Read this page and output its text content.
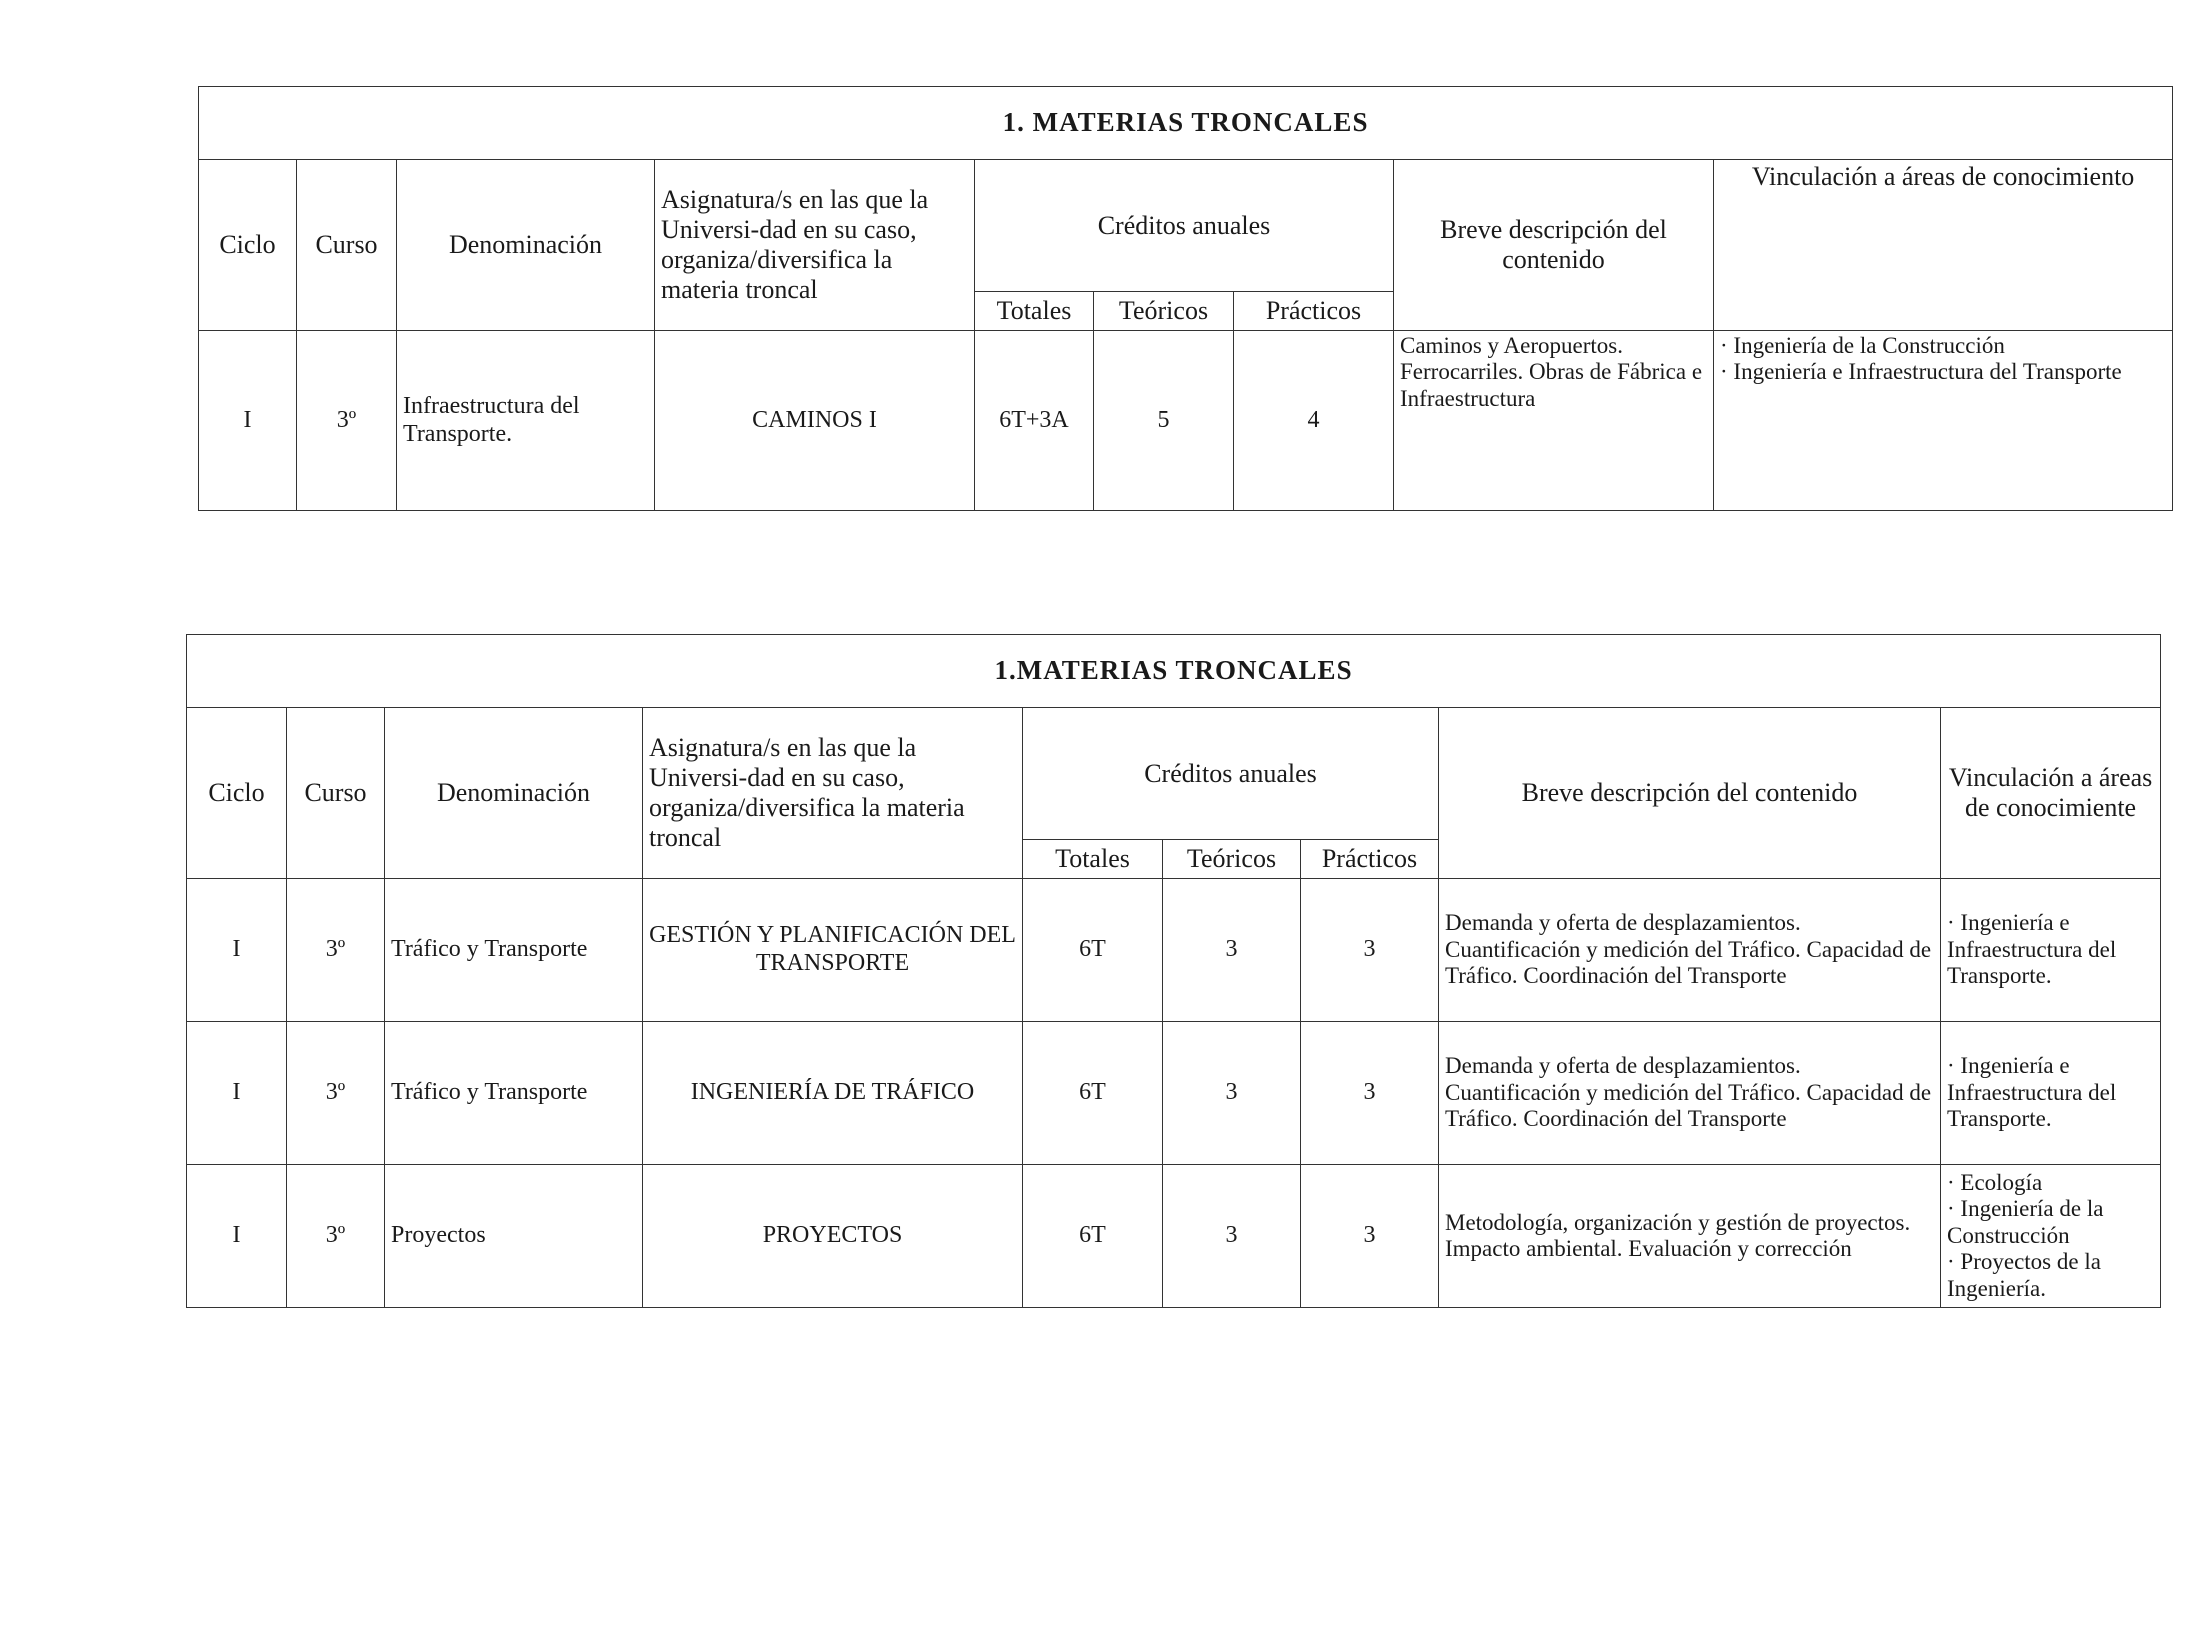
1. MATERIAS TRONCALES								
Ciclo	Curso	Denominación	Asignatura/s en las que la Universi-dad en su caso, organiza/diversifica la materia troncal	Créditos anuales			Breve descripción del contenido	Vinculación a áreas de conocimiento
				Totales	Teóricos	Prácticos		
I	3º	Infraestructura del Transporte.	CAMINOS I	6T+3A	5	4	Caminos y Aeropuertos. Ferrocarriles. Obras de Fábrica e Infraestructura	· Ingeniería de la Construcción
· Ingeniería e Infraestructura del Transporte
1.MATERIAS TRONCALES								
Ciclo	Curso	Denominación	Asignatura/s en las que la Universi-dad en su caso, organiza/diversifica la materia troncal	Créditos anuales			Breve descripción del contenido	Vinculación a áreas de conocimiente
				Totales	Teóricos	Prácticos		
I	3º	Tráfico y Transporte	GESTIÓN Y PLANIFICACIÓN DEL TRANSPORTE	6T	3	3	Demanda y oferta de desplazamientos. Cuantificación y medición del Tráfico. Capacidad de Tráfico. Coordinación del Transporte	· Ingeniería e Infraestructura del Transporte.

I	3º	Tráfico y Transporte	INGENIERÍA DE TRÁFICO	6T	3	3	Demanda y oferta de desplazamientos. Cuantificación y medición del Tráfico. Capacidad de Tráfico. Coordinación del Transporte	· Ingeniería e Infraestructura del Transporte.

I	3º	Proyectos	PROYECTOS	6T	3	3	Metodología, organización y gestión de proyectos. Impacto ambiental. Evaluación y corrección	· Ecología
· Ingeniería de la Construcción
· Proyectos de la Ingeniería.
